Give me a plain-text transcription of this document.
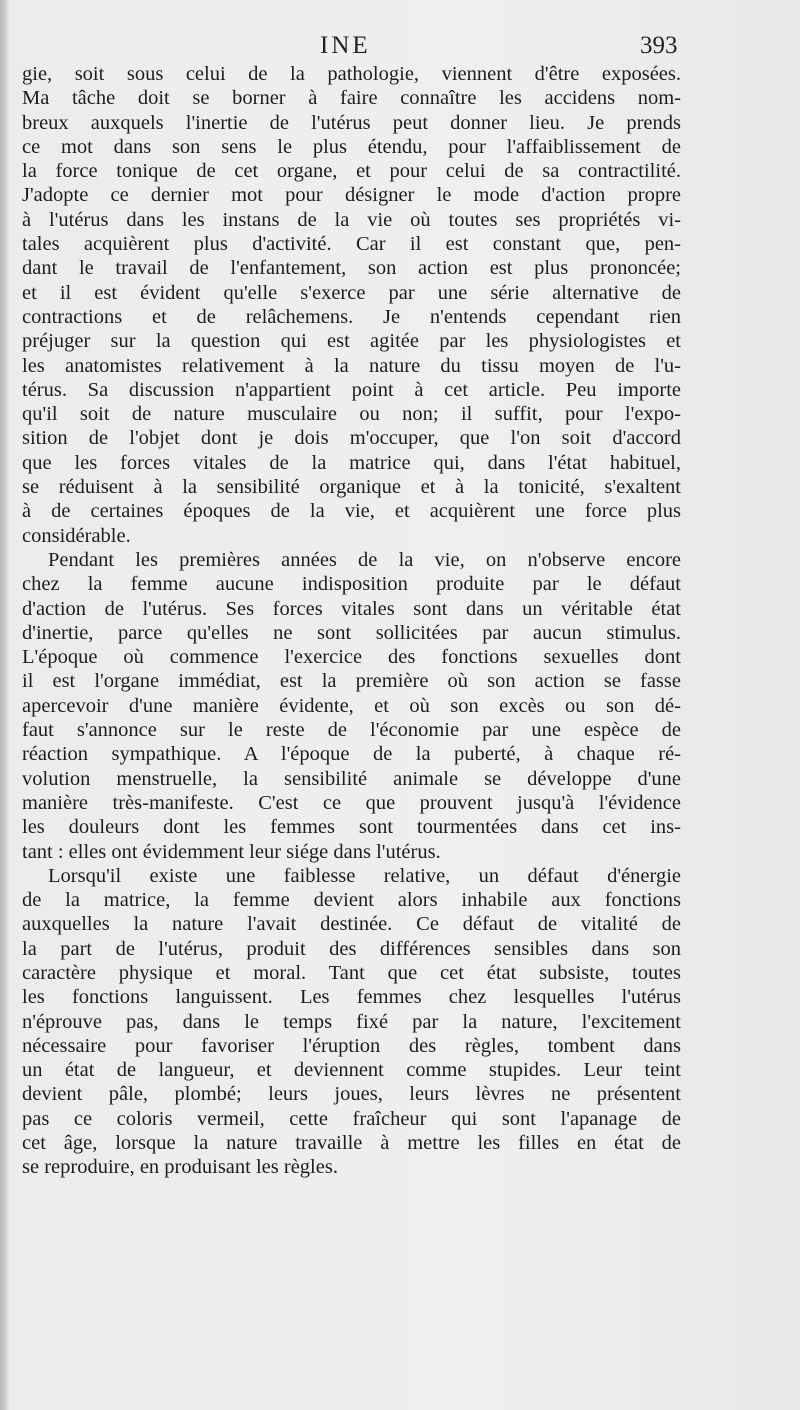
INE	393

gie, soit sous celui de la pathologie, viennent d'être exposées.
Ma tâche doit se borner à faire connaître les accidens nom-
breux auxquels l'inertie de l'utérus peut donner lieu. Je prends
ce mot dans son sens le plus étendu, pour l'affaiblissement de
la force tonique de cet organe, et pour celui de sa contractilité.
J'adopte ce dernier mot pour désigner le mode d'action propre
à l'utérus dans les instans de la vie où toutes ses propriétés vi-
tales acquièrent plus d'activité. Car il est constant que, pen-
dant le travail de l'enfantement, son action est plus prononcée;
et il est évident qu'elle s'exerce par une série alternative de
contractions et de relâchemens. Je n'entends cependant rien
préjuger sur la question qui est agitée par les physiologistes et
les anatomistes relativement à la nature du tissu moyen de l'u-
térus. Sa discussion n'appartient point à cet article. Peu importe
qu'il soit de nature musculaire ou non; il suffit, pour l'expo-
sition de l'objet dont je dois m'occuper, que l'on soit d'accord
que les forces vitales de la matrice qui, dans l'état habituel,
se réduisent à la sensibilité organique et à la tonicité, s'exaltent
à de certaines époques de la vie, et acquièrent une force plus
considérable.

Pendant les premières années de la vie, on n'observe encore
chez la femme aucune indisposition produite par le défaut
d'action de l'utérus. Ses forces vitales sont dans un véritable état
d'inertie, parce qu'elles ne sont sollicitées par aucun stimulus.
L'époque où commence l'exercice des fonctions sexuelles dont
il est l'organe immédiat, est la première où son action se fasse
apercevoir d'une manière évidente, et où son excès ou son dé-
faut s'annonce sur le reste de l'économie par une espèce de
réaction sympathique. A l'époque de la puberté, à chaque ré-
volution menstruelle, la sensibilité animale se développe d'une
manière très-manifeste. C'est ce que prouvent jusqu'à l'évidence
les douleurs dont les femmes sont tourmentées dans cet ins-
tant : elles ont évidemment leur siége dans l'utérus.

Lorsqu'il existe une faiblesse relative, un défaut d'énergie
de la matrice, la femme devient alors inhabile aux fonctions
auxquelles la nature l'avait destinée. Ce défaut de vitalité de
la part de l'utérus, produit des différences sensibles dans son
caractère physique et moral. Tant que cet état subsiste, toutes
les fonctions languissent. Les femmes chez lesquelles l'utérus
n'éprouve pas, dans le temps fixé par la nature, l'excitement
nécessaire pour favoriser l'éruption des règles, tombent dans
un état de langueur, et deviennent comme stupides. Leur teint
devient pâle, plombé; leurs joues, leurs lèvres ne présentent
pas ce coloris vermeil, cette fraîcheur qui sont l'apanage de
cet âge, lorsque la nature travaille à mettre les filles en état de
se reproduire, en produisant les règles.
